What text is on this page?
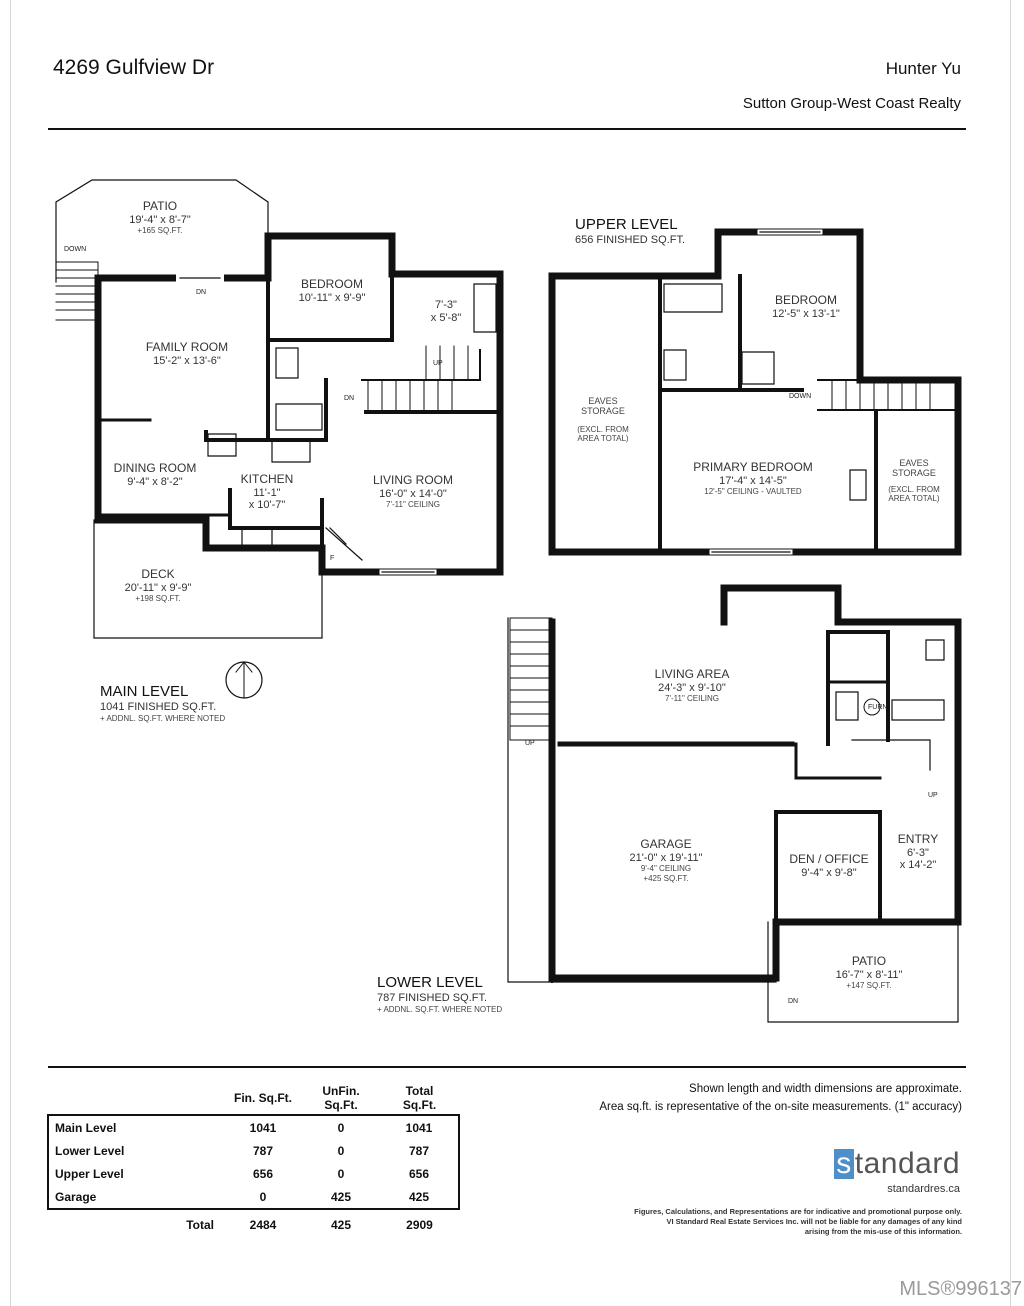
4269 Gulfview Dr	Hunter Yu
Sutton Group-West Coast Realty
PATIO
19'-4" x 8'-7"
+165 SQ.FT.
BEDROOM
10'-11" x 9'-9"
7'-3"
x 5'-8"
FAMILY ROOM
15'-2" x 13'-6"
DINING ROOM
9'-4" x 8'-2"	KITCHEN
11'-1"
x 10'-7"
LIVING ROOM
16'-0" x 14'-0"
7'-11" CEILING
DECK
20'-11" x 9'-9"
+198 SQ.FT.
DOWN
DN
UP
DN
F
MAIN LEVEL
1041 FINISHED SQ.FT.
+ ADDNL. SQ.FT. WHERE NOTED
UPPER LEVEL
656 FINISHED SQ.FT.
BEDROOM
12'-5" x 13'-1"
EAVES
STORAGE
(EXCL. FROM
AREA TOTAL)
PRIMARY BEDROOM
17'-4" x 14'-5"
12'-5" CEILING - VAULTED
EAVES
STORAGE
(EXCL. FROM
AREA TOTAL)
DOWN
LIVING AREA
24'-3" x 9'-10"
7'-11" CEILING
GARAGE
21'-0" x 19'-11"
9'-4" CEILING
+425 SQ.FT.
DEN / OFFICE
9'-4" x 9'-8"
ENTRY
6'-3"
x 14'-2"
PATIO
16'-7" x 8'-11"
+147 SQ.FT.
FURN.
UP
UP
DN
LOWER LEVEL
787 FINISHED SQ.FT.
+ ADDNL. SQ.FT. WHERE NOTED
	Fin. Sq.Ft.	UnFin. Sq.Ft.	Total Sq.Ft.
Main Level	1041	0	1041
Lower Level	787	0	787
Upper Level	656	0	656
Garage	0	425	425
Total	2484	425	2909
Shown length and width dimensions are approximate.
Area sq.ft. is representative of the on-site measurements. (1" accuracy)
s tandard
standardres.ca
Figures, Calculations, and Representations are for indicative and promotional purpose only.
VI Standard Real Estate Services Inc. will not be liable for any damages of any kind
arising from the mis-use of this information.
MLS®996137
